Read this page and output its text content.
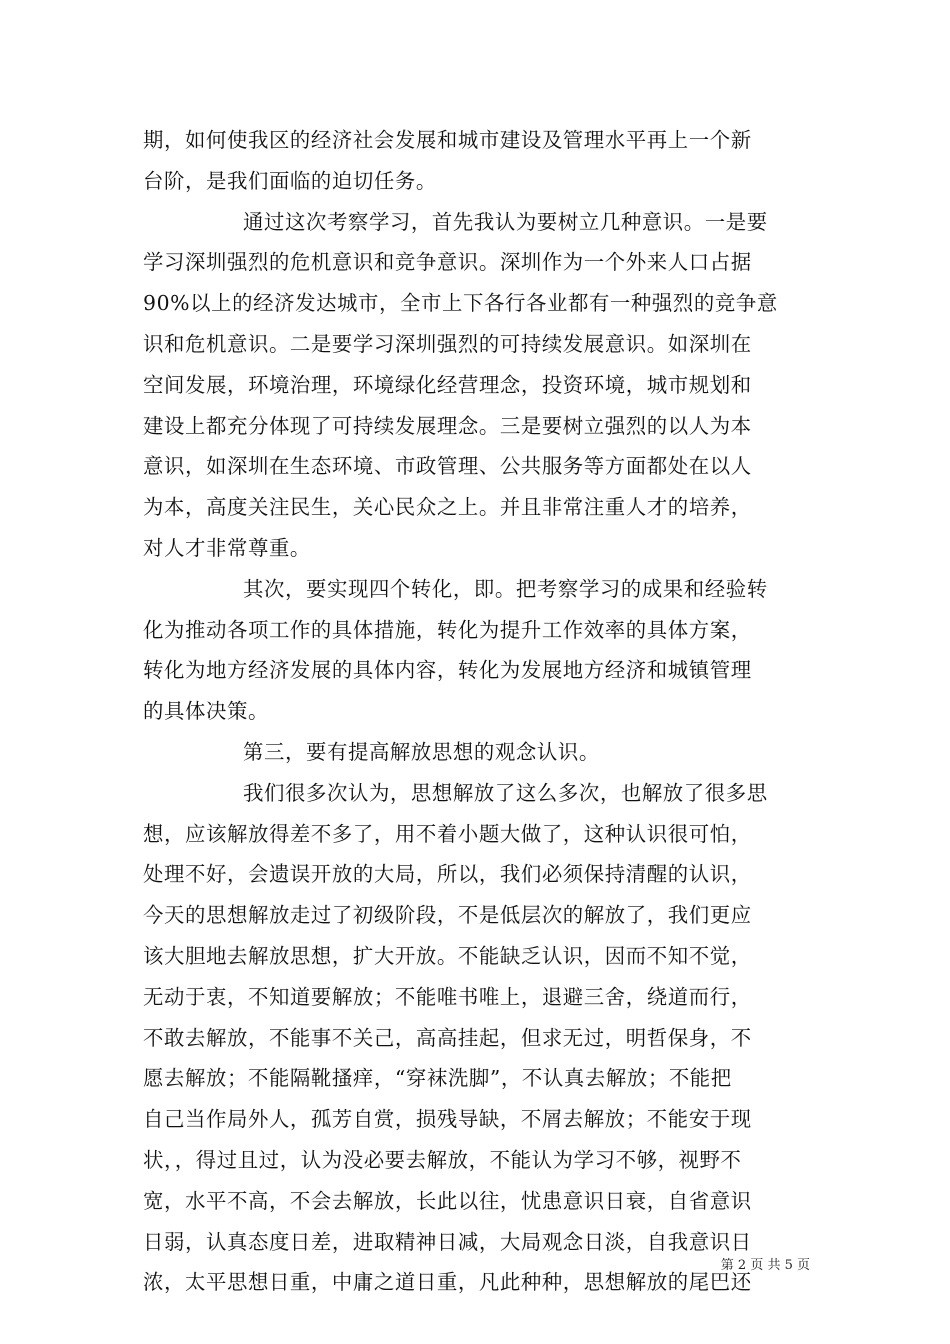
期，如何使我区的经济社会发展和城市建设及管理水平再上一个新
台阶，是我们面临的迫切任务。
通过这次考察学习，首先我认为要树立几种意识。一是要
学习深圳强烈的危机意识和竞争意识。深圳作为一个外来人口占据
90%以上的经济发达城市，全市上下各行各业都有一种强烈的竞争意
识和危机意识。二是要学习深圳强烈的可持续发展意识。如深圳在
空间发展，环境治理，环境绿化经营理念，投资环境，城市规划和
建设上都充分体现了可持续发展理念。三是要树立强烈的以人为本
意识，如深圳在生态环境、市政管理、公共服务等方面都处在以人
为本，高度关注民生，关心民众之上。并且非常注重人才的培养，
对人才非常尊重。
其次，要实现四个转化，即。把考察学习的成果和经验转
化为推动各项工作的具体措施，转化为提升工作效率的具体方案，
转化为地方经济发展的具体内容，转化为发展地方经济和城镇管理
的具体决策。
第三，要有提高解放思想的观念认识。
我们很多次认为，思想解放了这么多次，也解放了很多思
想，应该解放得差不多了，用不着小题大做了，这种认识很可怕，
处理不好，会遗误开放的大局，所以，我们必须保持清醒的认识，
今天的思想解放走过了初级阶段，不是低层次的解放了，我们更应
该大胆地去解放思想，扩大开放。不能缺乏认识，因而不知不觉，
无动于衷，不知道要解放；不能唯书唯上，退避三舍，绕道而行，
不敢去解放，不能事不关己，高高挂起，但求无过，明哲保身，不
愿去解放；不能隔靴搔痒，“穿袜洗脚”，不认真去解放；不能把
自己当作局外人，孤芳自赏，损残导缺，不屑去解放；不能安于现
状，，得过且过，认为没必要去解放，不能认为学习不够，视野不
宽，水平不高，不会去解放，长此以往，忧患意识日衰，自省意识
日弱，认真态度日差，进取精神日减，大局观念日淡，自我意识日
浓，太平思想日重，中庸之道日重，凡此种种，思想解放的尾巴还
第 2 页 共 5 页
